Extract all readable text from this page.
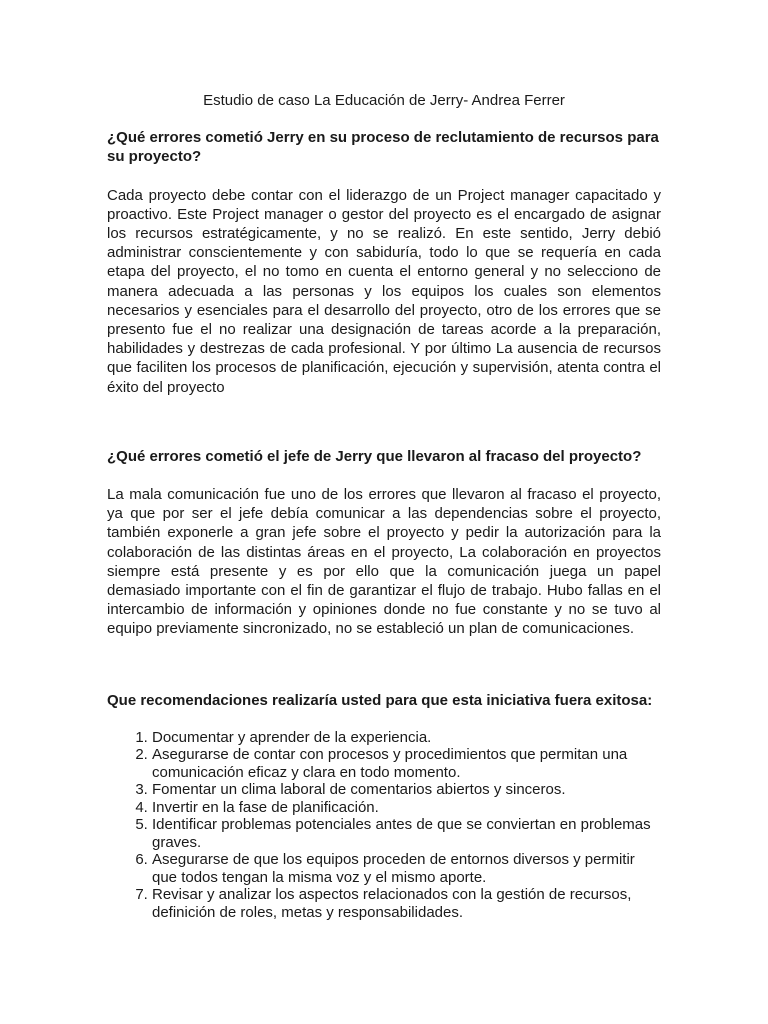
Estudio de caso La Educación de Jerry- Andrea Ferrer

¿Qué errores cometió Jerry en su proceso de reclutamiento de recursos para su proyecto?

Cada proyecto debe contar con el liderazgo de un Project manager capacitado y proactivo. Este Project manager o gestor del proyecto es el encargado de asignar los recursos estratégicamente, y no se realizó. En este sentido, Jerry debió administrar conscientemente y con sabiduría, todo lo que se requería en cada etapa del proyecto, el no tomo en cuenta el entorno general y no selecciono de manera adecuada a las personas y los equipos los cuales son elementos necesarios y esenciales para el desarrollo del proyecto, otro de los errores que se presento fue el no realizar una designación de tareas acorde a la preparación, habilidades y destrezas de cada profesional. Y por último La ausencia de recursos que faciliten los procesos de planificación, ejecución y supervisión, atenta contra el éxito del proyecto

¿Qué errores cometió el jefe de Jerry que llevaron al fracaso del proyecto?

La mala comunicación fue uno de los errores que llevaron al fracaso el proyecto, ya que por ser el jefe debía comunicar a las dependencias sobre el proyecto, también exponerle a gran jefe sobre el proyecto y pedir la autorización para la colaboración de las distintas áreas en el proyecto, La colaboración en proyectos siempre está presente y es por ello que la comunicación juega un papel demasiado importante con el fin de garantizar el flujo de trabajo. Hubo fallas en el intercambio de información y opiniones donde no fue constante y no se tuvo al equipo previamente sincronizado, no se estableció un plan de comunicaciones.

Que recomendaciones realizaría usted para que esta iniciativa fuera exitosa:

1. Documentar y aprender de la experiencia.
2. Asegurarse de contar con procesos y procedimientos que permitan una comunicación eficaz y clara en todo momento.
3. Fomentar un clima laboral de comentarios abiertos y sinceros.
4. Invertir en la fase de planificación.
5. Identificar problemas potenciales antes de que se conviertan en problemas graves.
6. Asegurarse de que los equipos proceden de entornos diversos y permitir que todos tengan la misma voz y el mismo aporte.
7. Revisar y analizar los aspectos relacionados con la gestión de recursos, definición de roles, metas y responsabilidades.
